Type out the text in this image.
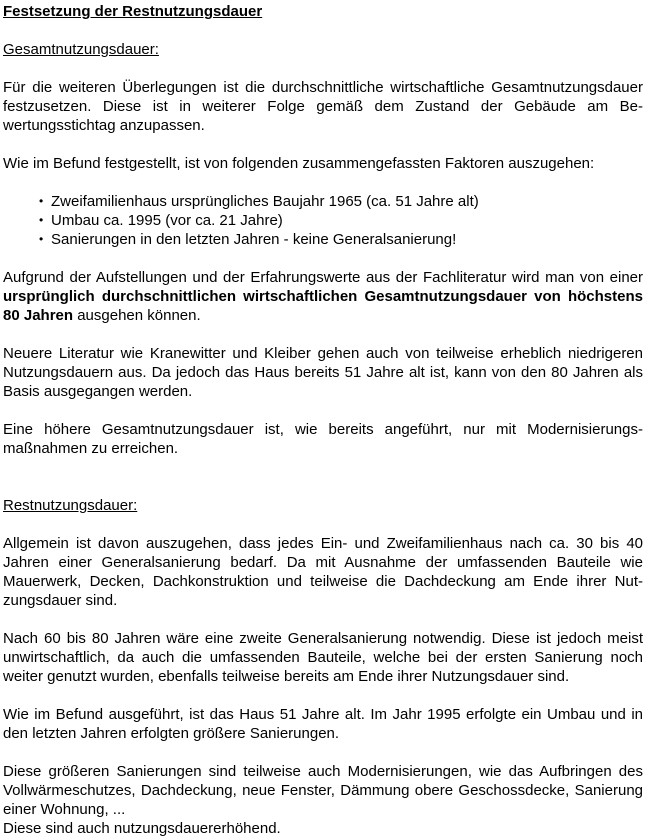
Festsetzung der Restnutzungsdauer

Gesamtnutzungsdauer:

Für die weiteren Überlegungen ist die durchschnittliche wirtschaftliche Gesamtnutzungsdauer festzusetzen. Diese ist in weiterer Folge gemäß dem Zustand der Gebäude am Bewertungsstichtag anzupassen.

Wie im Befund festgestellt, ist von folgenden zusammengefassten Faktoren auszugehen:

• Zweifamilienhaus ursprüngliches Baujahr 1965 (ca. 51 Jahre alt)
• Umbau ca. 1995 (vor ca. 21 Jahre)
• Sanierungen in den letzten Jahren - keine Generalsanierung!

Aufgrund der Aufstellungen und der Erfahrungswerte aus der Fachliteratur wird man von einer ursprünglich durchschnittlichen wirtschaftlichen Gesamtnutzungsdauer von höchstens 80 Jahren ausgehen können.

Neuere Literatur wie Kranewitter und Kleiber gehen auch von teilweise erheblich niedrigeren Nutzungsdauern aus. Da jedoch das Haus bereits 51 Jahre alt ist, kann von den 80 Jahren als Basis ausgegangen werden.

Eine höhere Gesamtnutzungsdauer ist, wie bereits angeführt, nur mit Modernisierungsmaßnahmen zu erreichen.

Restnutzungsdauer:

Allgemein ist davon auszugehen, dass jedes Ein- und Zweifamilienhaus nach ca. 30 bis 40 Jahren einer Generalsanierung bedarf. Da mit Ausnahme der umfassenden Bauteile wie Mauerwerk, Decken, Dachkonstruktion und teilweise die Dachdeckung am Ende ihrer Nutzungsdauer sind.

Nach 60 bis 80 Jahren wäre eine zweite Generalsanierung notwendig. Diese ist jedoch meist unwirtschaftlich, da auch die umfassenden Bauteile, welche bei der ersten Sanierung noch weiter genutzt wurden, ebenfalls teilweise bereits am Ende ihrer Nutzungsdauer sind.

Wie im Befund ausgeführt, ist das Haus 51 Jahre alt. Im Jahr 1995 erfolgte ein Umbau und in den letzten Jahren erfolgten größere Sanierungen.

Diese größeren Sanierungen sind teilweise auch Modernisierungen, wie das Aufbringen des Vollwärmeschutzes, Dachdeckung, neue Fenster, Dämmung obere Geschossdecke, Sanierung einer Wohnung, ...

Diese sind auch nutzungsdauererhöhend.
